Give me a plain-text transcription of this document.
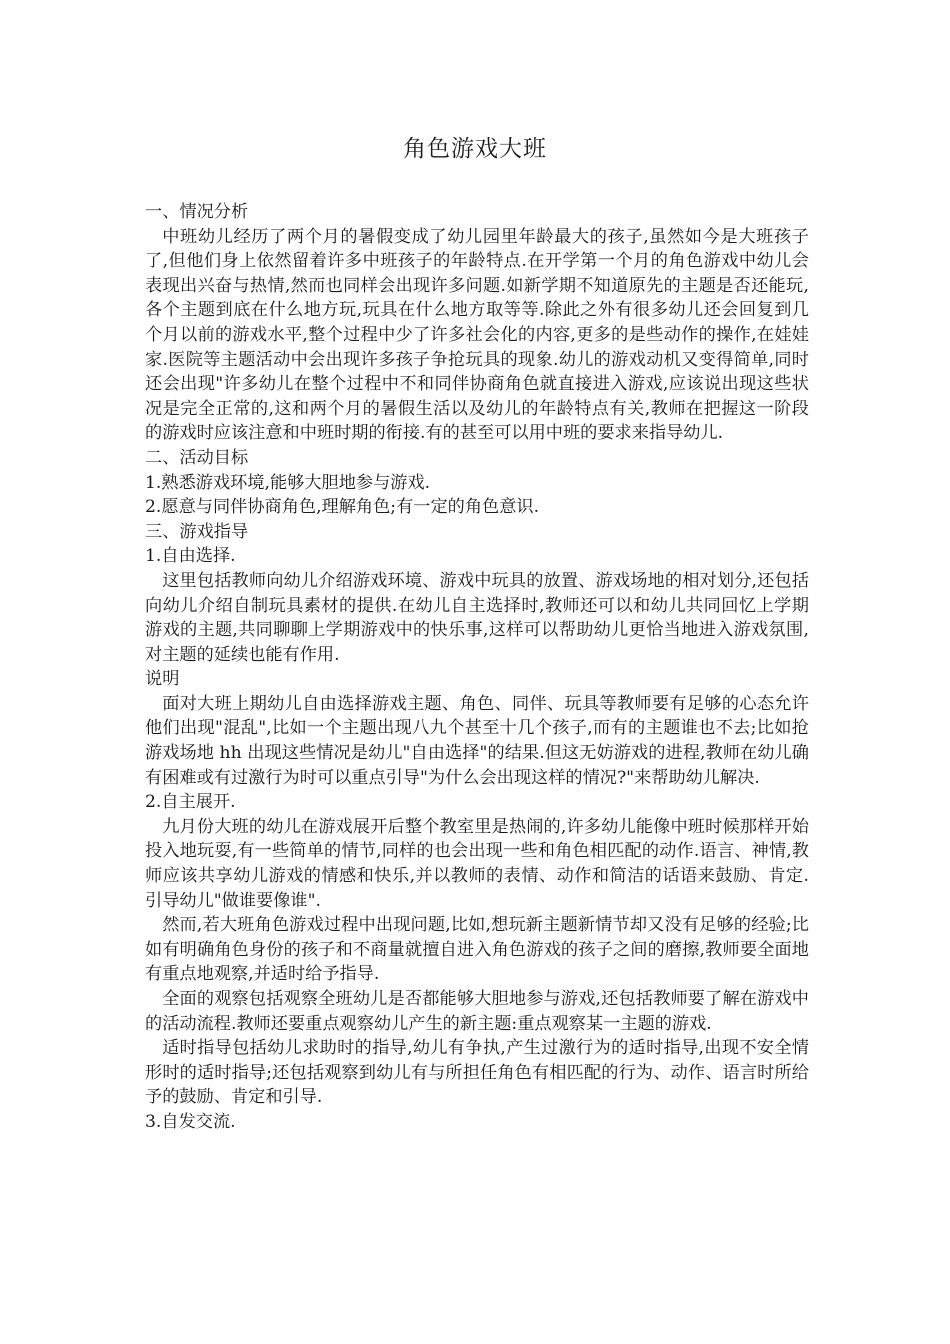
角色游戏大班

一、情况分析

中班幼儿经历了两个月的暑假变成了幼儿园里年龄最大的孩子,虽然如今是大班孩子了,但他们身上依然留着许多中班孩子的年龄特点.在开学第一个月的角色游戏中幼儿会表现出兴奋与热情,然而也同样会出现许多问题.如新学期不知道原先的主题是否还能玩,各个主题到底在什么地方玩,玩具在什么地方取等等.除此之外有很多幼儿还会回复到几个月以前的游戏水平,整个过程中少了许多社会化的内容,更多的是些动作的操作,在娃娃家.医院等主题活动中会出现许多孩子争抢玩具的现象.幼儿的游戏动机又变得简单,同时还会出现"许多幼儿在整个过程中不和同伴协商角色就直接进入游戏,应该说出现这些状况是完全正常的,这和两个月的暑假生活以及幼儿的年龄特点有关,教师在把握这一阶段的游戏时应该注意和中班时期的衔接.有的甚至可以用中班的要求来指导幼儿.

二、活动目标

1.熟悉游戏环境,能够大胆地参与游戏.

2.愿意与同伴协商角色,理解角色;有一定的角色意识.

三、游戏指导

1.自由选择.

这里包括教师向幼儿介绍游戏环境、游戏中玩具的放置、游戏场地的相对划分,还包括向幼儿介绍自制玩具素材的提供.在幼儿自主选择时,教师还可以和幼儿共同回忆上学期游戏的主题,共同聊聊上学期游戏中的快乐事,这样可以帮助幼儿更恰当地进入游戏氛围,对主题的延续也能有作用.

说明

面对大班上期幼儿自由选择游戏主题、角色、同伴、玩具等教师要有足够的心态允许他们出现"混乱",比如一个主题出现八九个甚至十几个孩子,而有的主题谁也不去;比如抢游戏场地 hh 出现这些情况是幼儿"自由选择"的结果.但这无妨游戏的进程,教师在幼儿确有困难或有过激行为时可以重点引导"为什么会出现这样的情况?"来帮助幼儿解决.

2.自主展开.

九月份大班的幼儿在游戏展开后整个教室里是热闹的,许多幼儿能像中班时候那样开始投入地玩耍,有一些简单的情节,同样的也会出现一些和角色相匹配的动作.语言、神情,教师应该共享幼儿游戏的情感和快乐,并以教师的表情、动作和简洁的话语来鼓励、肯定.引导幼儿"做谁要像谁".

然而,若大班角色游戏过程中出现问题,比如,想玩新主题新情节却又没有足够的经验;比如有明确角色身份的孩子和不商量就擅自进入角色游戏的孩子之间的磨擦,教师要全面地有重点地观察,并适时给予指导.

全面的观察包括观察全班幼儿是否都能够大胆地参与游戏,还包括教师要了解在游戏中的活动流程.教师还要重点观察幼儿产生的新主题:重点观察某一主题的游戏.

适时指导包括幼儿求助时的指导,幼儿有争执,产生过激行为的适时指导,出现不安全情形时的适时指导;还包括观察到幼儿有与所担任角色有相匹配的行为、动作、语言时所给予的鼓励、肯定和引导.

3.自发交流.
